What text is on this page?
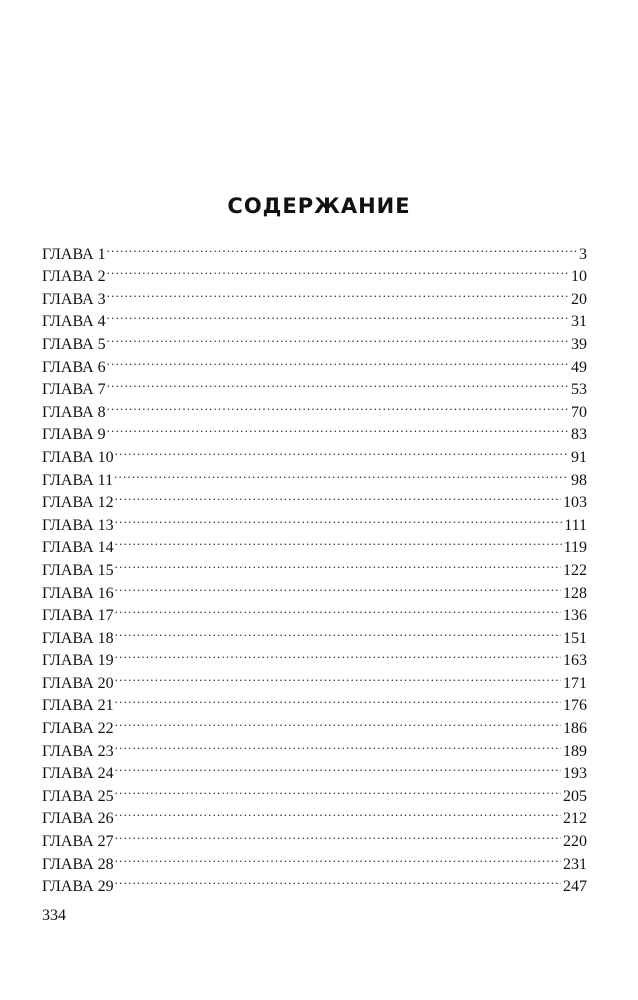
СОДЕРЖАНИЕ
ГЛАВА 1 .....	3
ГЛАВА 2 .....	10
ГЛАВА 3 .....	20
ГЛАВА 4 .....	31
ГЛАВА 5 .....	39
ГЛАВА 6 .....	49
ГЛАВА 7 .....	53
ГЛАВА 8 .....	70
ГЛАВА 9 .....	83
ГЛАВА 10 .....	91
ГЛАВА 11 .....	98
ГЛАВА 12 .....	103
ГЛАВА 13 .....	111
ГЛАВА 14 .....	119
ГЛАВА 15 .....	122
ГЛАВА 16 .....	128
ГЛАВА 17 .....	136
ГЛАВА 18 .....	151
ГЛАВА 19 .....	163
ГЛАВА 20 .....	171
ГЛАВА 21 .....	176
ГЛАВА 22 .....	186
ГЛАВА 23 .....	189
ГЛАВА 24 .....	193
ГЛАВА 25 .....	205
ГЛАВА 26 .....	212
ГЛАВА 27 .....	220
ГЛАВА 28 .....	231
ГЛАВА 29 .....	247
334
